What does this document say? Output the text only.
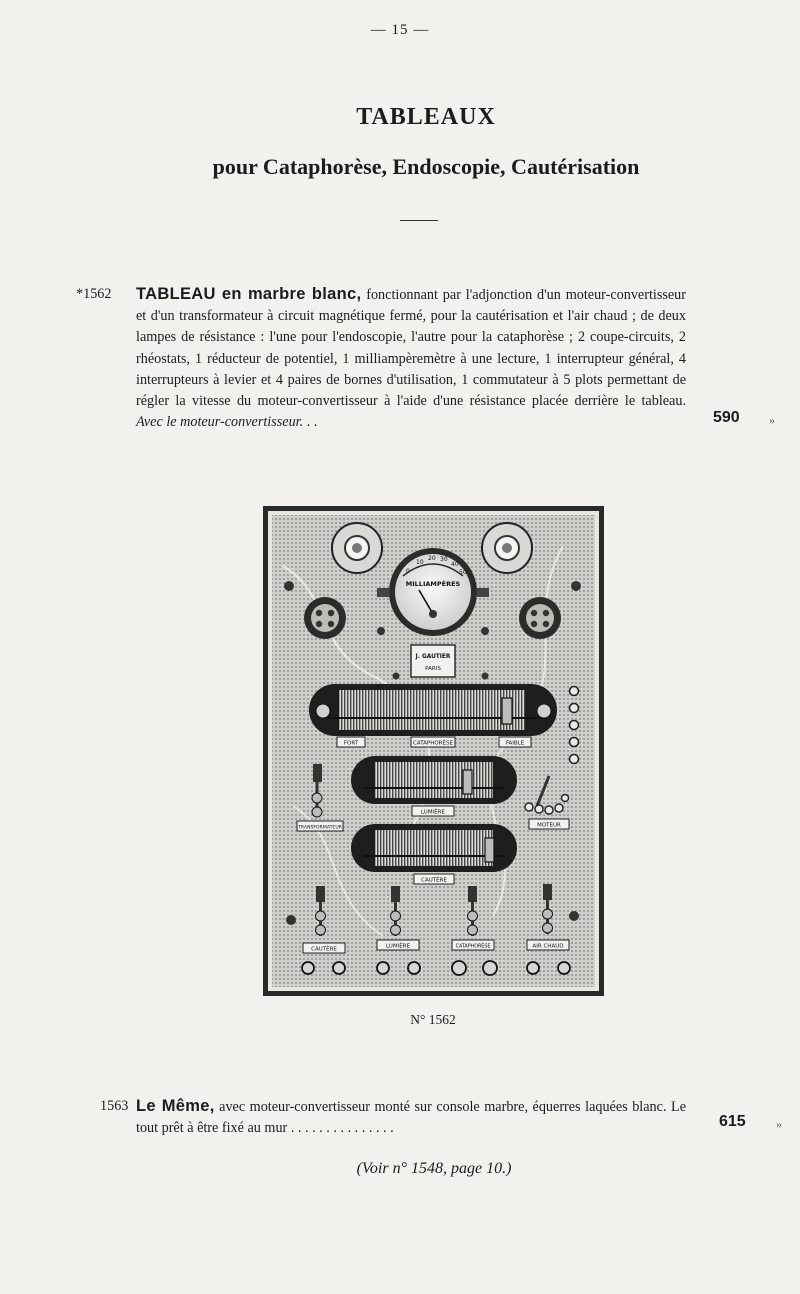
— 15 —
TABLEAUX
pour Cataphorèse, Endoscopie, Cautérisation
*1562 TABLEAU en marbre blanc, fonctionnant par l'adjonction d'un moteur-convertisseur et d'un transformateur à circuit magnétique fermé, pour la cautérisation et l'air chaud ; de deux lampes de résistance : l'une pour l'endoscopie, l'autre pour la cataphorèse ; 2 coupe-circuits, 2 rhéostats, 1 réducteur de potentiel, 1 milliampèremètre à une lecture, 1 interrupteur général, 4 interrupteurs à levier et 4 paires de bornes d'utilisation, 1 commutateur à 5 plots permettant de régler la vitesse du moteur-convertisseur à l'aide d'une résistance placée derrière le tableau. Avec le moteur-convertisseur. . .	590 »
MILLIAMPÈRES
0
10
20 30
40
50
J. GAUTIER
PARIS
FORT	CATAPHORÈSE	FAIBLE
LUMIÈRE
TRANSFORMATEUR	MOTEUR
CAUTÈRE
CAUTÈRE	LUMIÈRE	CATAPHORÈSE	AIR CHAUD
N° 1562
1563 Le Même, avec moteur-convertisseur monté sur console marbre, équerres laquées blanc. Le tout prêt à être fixé au mur . . . . . . . . . . . . . . .	615	»
(Voir n° 1548, page 10.)
